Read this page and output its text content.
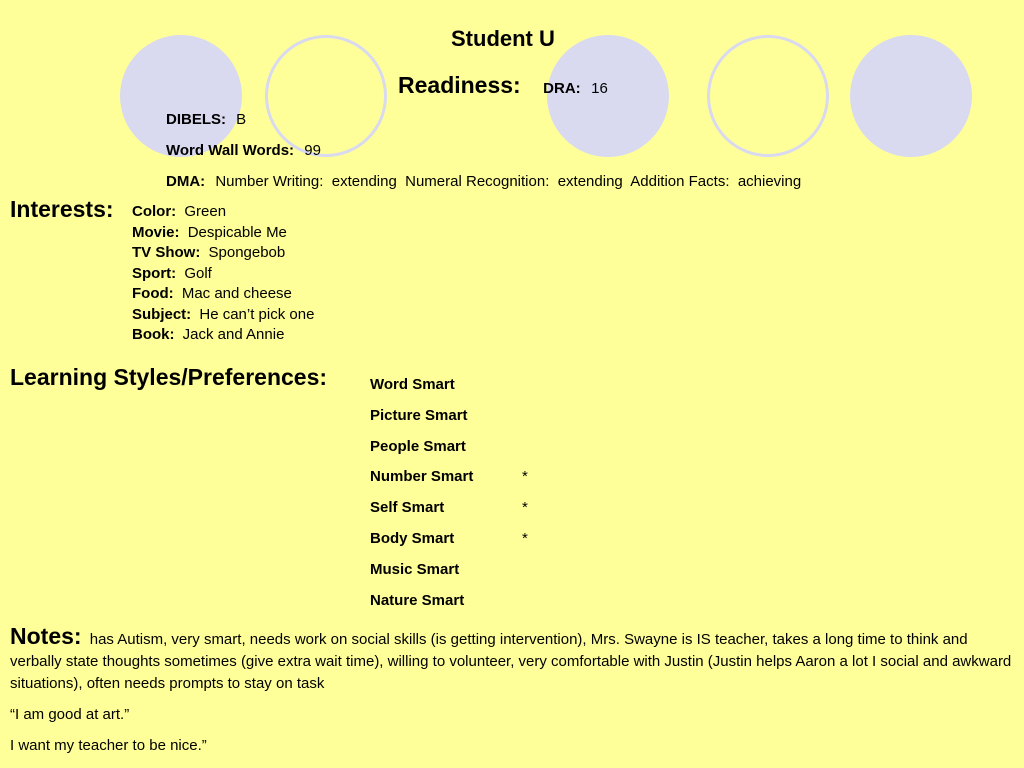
Student U
Readiness: DRA: 16
DIBELS: B
Word Wall Words: 99
DMA: Number Writing:  extending  Numeral Recognition:  extending  Addition Facts:  achieving
Interests: Color: Green
Movie: Despicable Me
TV Show: Spongebob
Sport: Golf
Food: Mac and cheese
Subject: He can’t pick one
Book: Jack and Annie
Learning Styles/Preferences:	Word Smart
Picture Smart
People Smart
Number Smart	*
Self Smart	*
Body Smart	*
Music Smart
Nature Smart
Notes: has Autism, very smart, needs work on social skills (is getting intervention), Mrs. Swayne is IS teacher, takes a long time to think and verbally state thoughts sometimes (give extra wait time), willing to volunteer, very comfortable with Justin (Justin helps Aaron a lot I social and awkward situations), often needs prompts to stay on task
“I am good at art.”
I want my teacher to be nice.”
